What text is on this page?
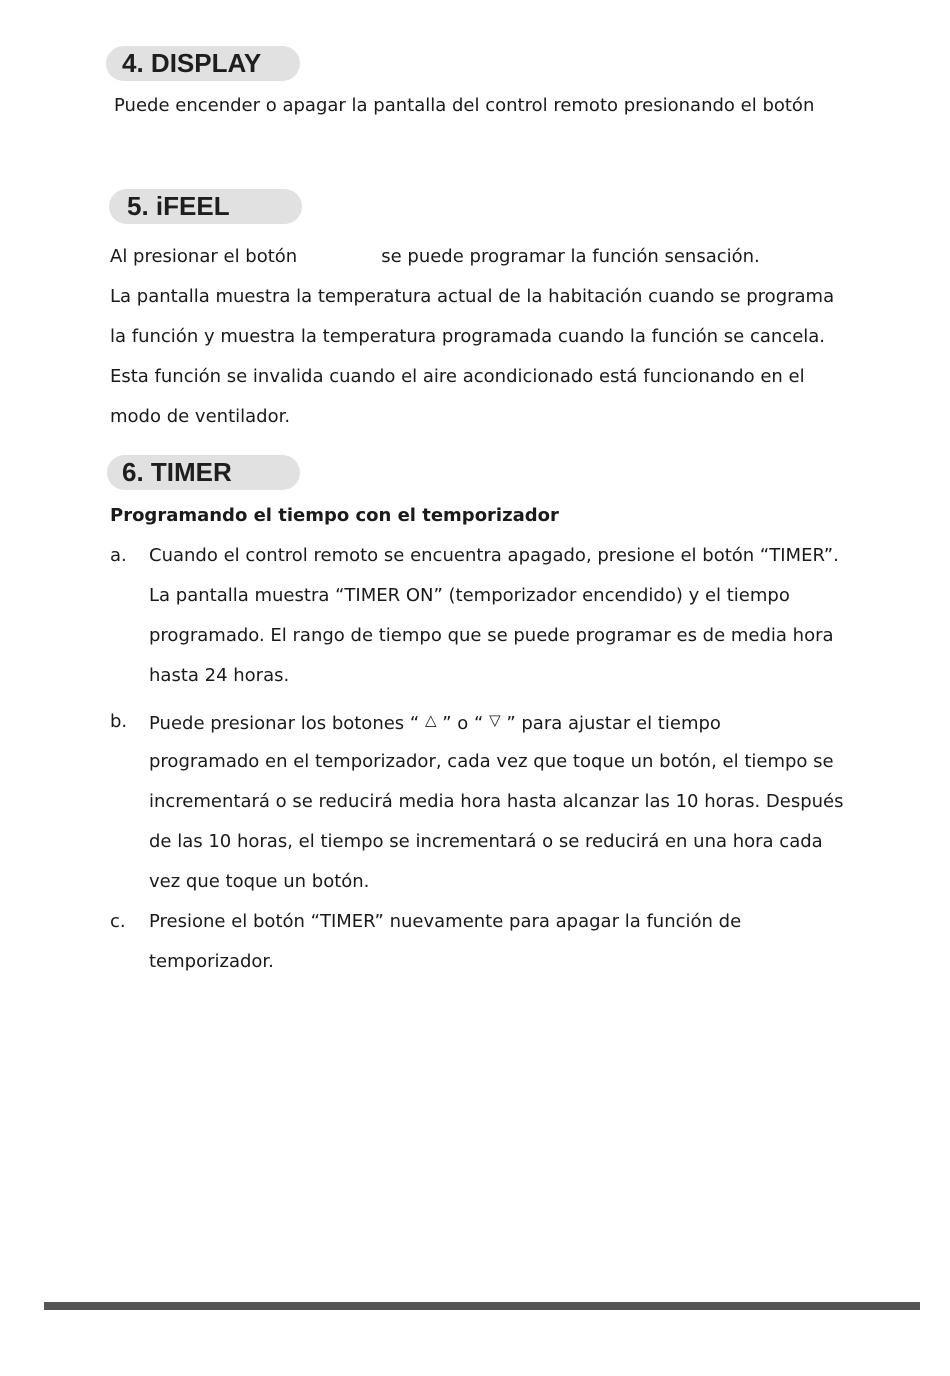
4. DISPLAY
Puede encender o apagar la pantalla del control remoto presionando el botón
5. iFEEL
Al presionar el botón	se puede programar la función sensación.
La pantalla muestra la temperatura actual de la habitación cuando se programa
la función y muestra la temperatura programada cuando la función se cancela.
Esta función se invalida cuando el aire acondicionado está funcionando en el
modo de ventilador.
6. TIMER
Programando el tiempo con el temporizador
a. Cuando el control remoto se encuentra apagado, presione el botón “TIMER”.
La pantalla muestra “TIMER ON” (temporizador encendido) y el tiempo
programado. El rango de tiempo que se puede programar es de media hora
hasta 24 horas.
b. Puede presionar los botones “ △ ” o “ ▽ ” para ajustar el tiempo
programado en el temporizador, cada vez que toque un botón, el tiempo se
incrementará o se reducirá media hora hasta alcanzar las 10 horas. Después
de las 10 horas, el tiempo se incrementará o se reducirá en una hora cada
vez que toque un botón.
c. Presione el botón “TIMER” nuevamente para apagar la función de
temporizador.
